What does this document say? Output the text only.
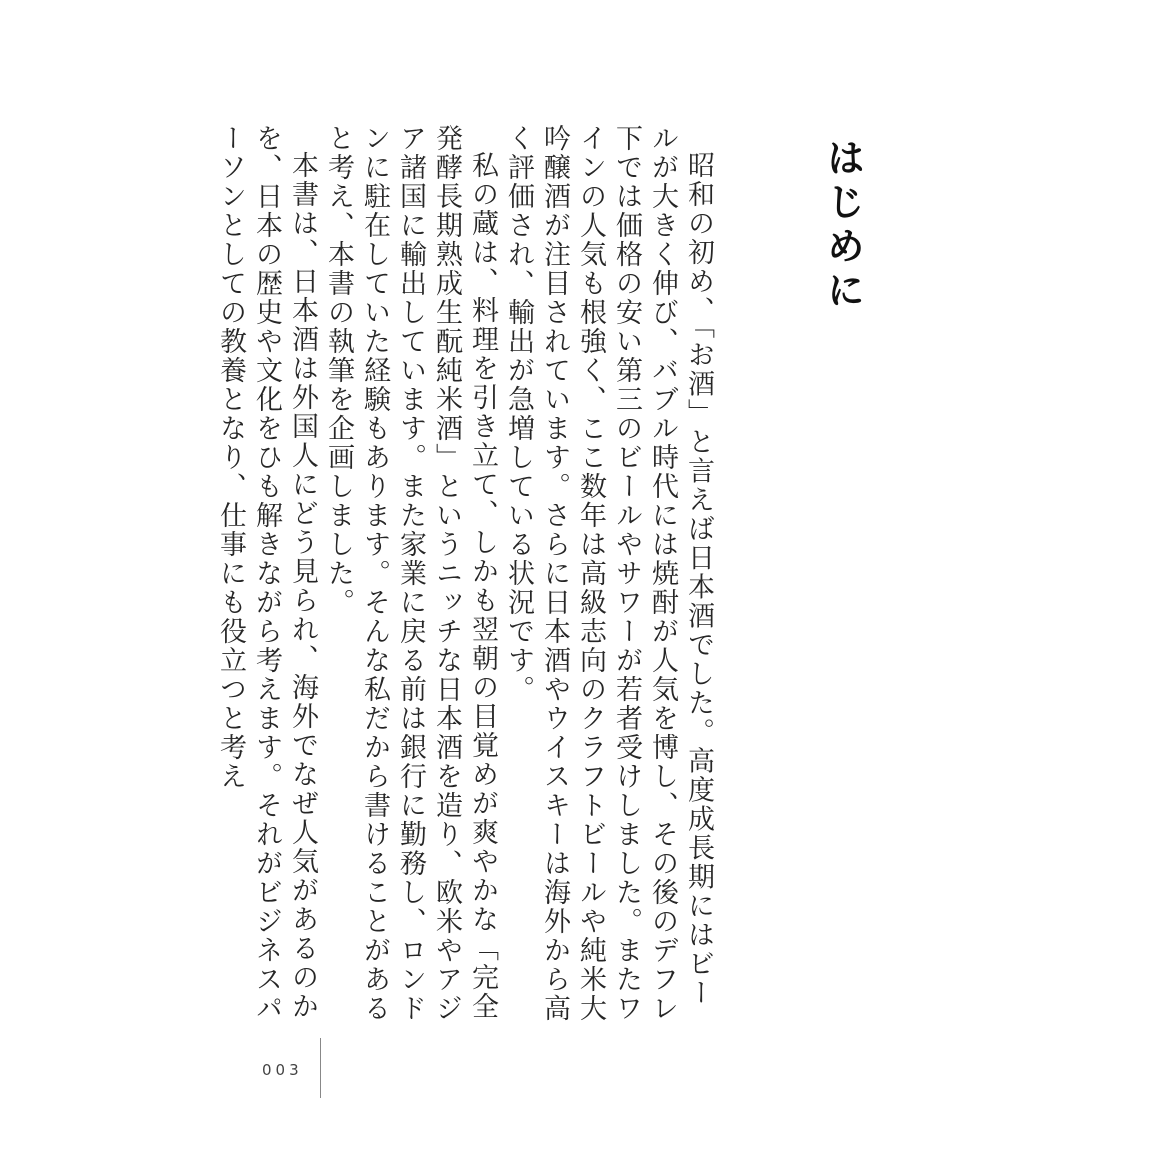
はじめに

昭和の初め、「お酒」と言えば日本酒でした。高度成長期にはビールが大きく伸び、バブル時代には焼酎が人気を博し、その後のデフレ下では価格の安い第三のビールやサワーが若者受けしました。またワインの人気も根強く、ここ数年は高級志向のクラフトビールや純米大吟醸酒が注目されています。さらに日本酒やウイスキーは海外から高く評価され、輸出が急増している状況です。

私の蔵は、料理を引き立て、しかも翌朝の目覚めが爽やかな「完全発酵長期熟成生酛純米酒」というニッチな日本酒を造り、欧米やアジア諸国に輸出しています。また家業に戻る前は銀行に勤務し、ロンドンに駐在していた経験もあります。そんな私だから書けることがあると考え、本書の執筆を企画しました。

本書は、日本酒は外国人にどう見られ、海外でなぜ人気があるのかを、日本の歴史や文化をひも解きながら考えます。それがビジネスパーソンとしての教養となり、仕事にも役立つと考え

003
